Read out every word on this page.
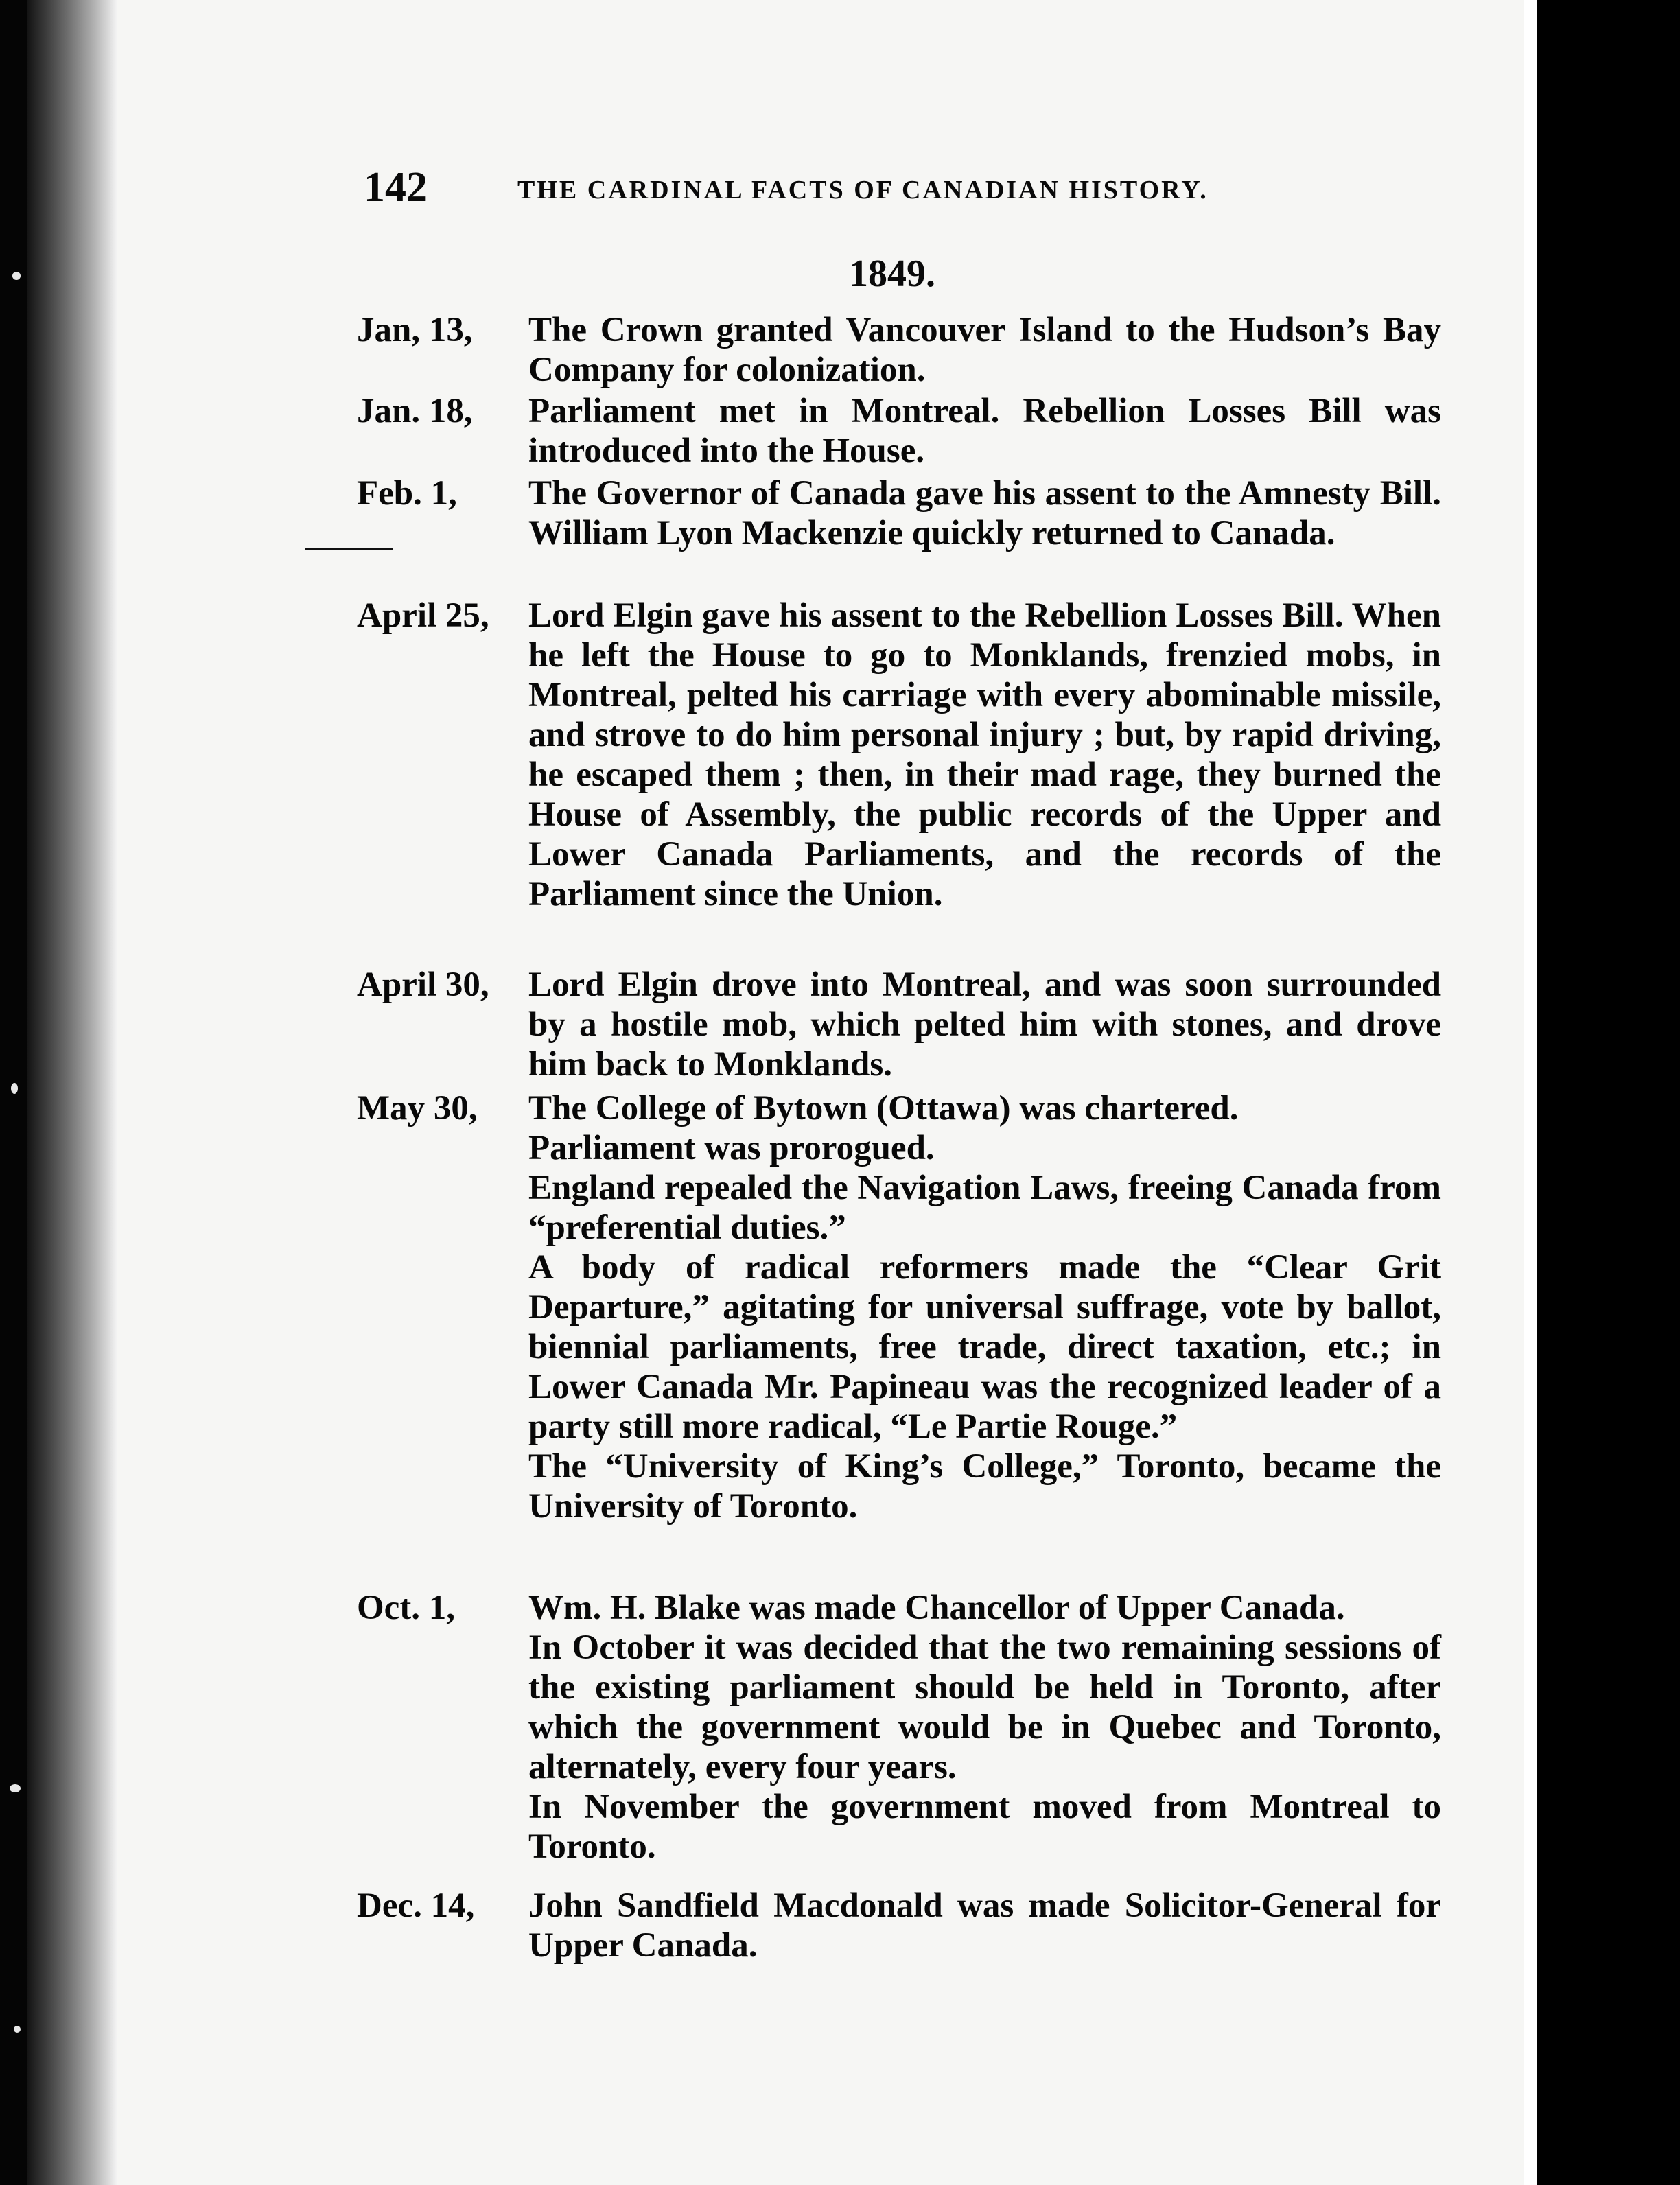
142	THE CARDINAL FACTS OF CANADIAN HISTORY.
1849.
Jan, 13,	The Crown granted Vancouver Island to the Hudson’s Bay Company for colonization.

Jan. 18,	Parliament met in Montreal. Rebellion Losses Bill was introduced into the House.

Feb. 1,	The Governor of Canada gave his assent to the Amnesty Bill. William Lyon Mackenzie quickly returned to Canada.

April 25,	Lord Elgin gave his assent to the Rebellion Losses Bill. When he left the House to go to Monklands, frenzied mobs, in Montreal, pelted his carriage with every abominable missile, and strove to do him personal injury ; but, by rapid driving, he escaped them ; then, in their mad rage, they burned the House of Assembly, the public records of the Upper and Lower Canada Parliaments, and the records of the Parliament since the Union.

April 30,	Lord Elgin drove into Montreal, and was soon surrounded by a hostile mob, which pelted him with stones, and drove him back to Monklands.

May 30,	The College of Bytown (Ottawa) was chartered.

Parliament was prorogued.

England repealed the Navigation Laws, freeing Canada from “preferential duties.”

A body of radical reformers made the “Clear Grit Departure,” agitating for universal suffrage, vote by ballot, biennial parliaments, free trade, direct taxation, etc.; in Lower Canada Mr. Papineau was the recognized leader of a party still more radical, “Le Partie Rouge.”

The “University of King’s College,” Toronto, became the University of Toronto.

Oct. 1,	Wm. H. Blake was made Chancellor of Upper Canada.

In October it was decided that the two remaining sessions of the existing parliament should be held in Toronto, after which the government would be in Quebec and Toronto, alternately, every four years.

In November the government moved from Montreal to Toronto.

Dec. 14,	John Sandfield Macdonald was made Solicitor-General for Upper Canada.
